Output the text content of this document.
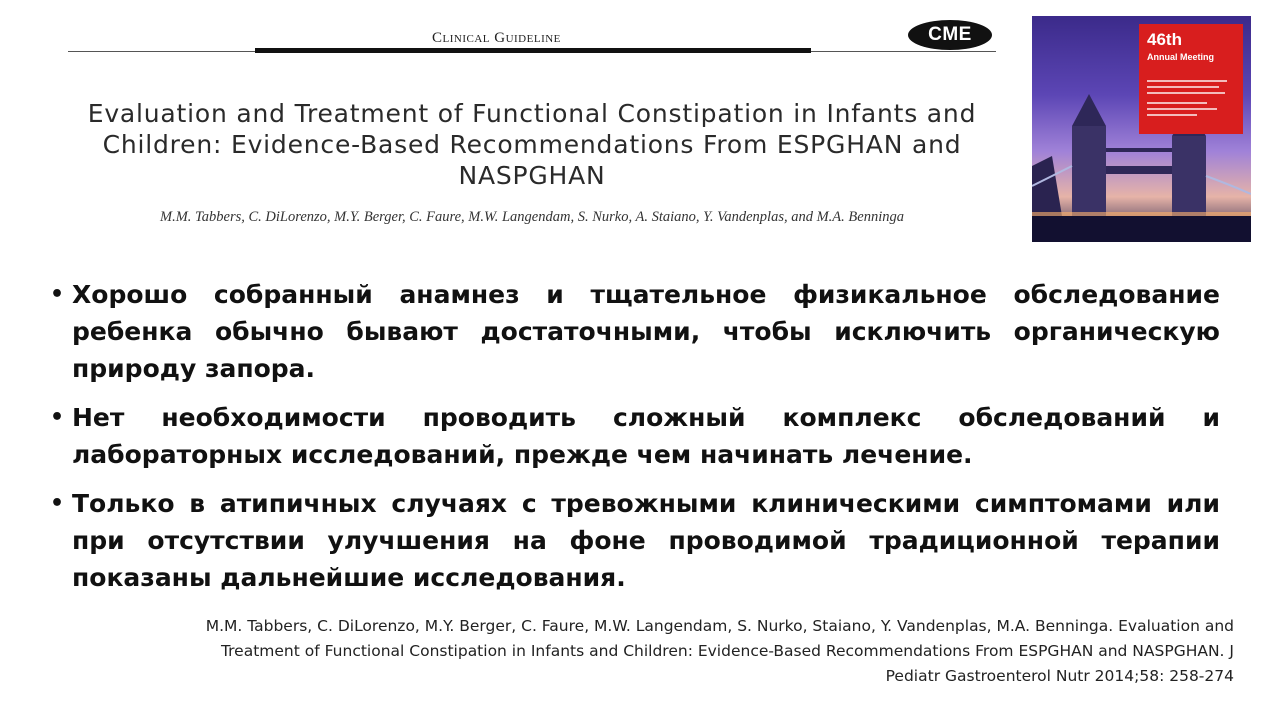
Clinical Guideline	CME
Evaluation and Treatment of Functional Constipation in Infants and Children: Evidence-Based Recommendations From ESPGHAN and NASPGHAN
M.M. Tabbers, C. DiLorenzo, M.Y. Berger, C. Faure, M.W. Langendam, S. Nurko, A. Staiano, Y. Vandenplas, and M.A. Benninga
46th
Annual Meeting
• Хорошо собранный анамнез и тщательное физикальное обследование ребенка обычно бывают достаточными, чтобы исключить органическую природу запора.
• Нет необходимости проводить сложный комплекс обследований и лабораторных исследований, прежде чем начинать лечение.
• Только в атипичных случаях с тревожными клиническими симптомами или при отсутствии улучшения на фоне проводимой традиционной терапии показаны дальнейшие исследования.
M.M. Tabbers, C. DiLorenzo, M.Y. Berger, C. Faure, M.W. Langendam, S. Nurko, Staiano, Y. Vandenplas, M.A. Benninga. Evaluation and Treatment of Functional Constipation in Infants and Children: Evidence-Based Recommendations From ESPGHAN and NASPGHAN. J Pediatr Gastroenterol Nutr 2014;58: 258-274
